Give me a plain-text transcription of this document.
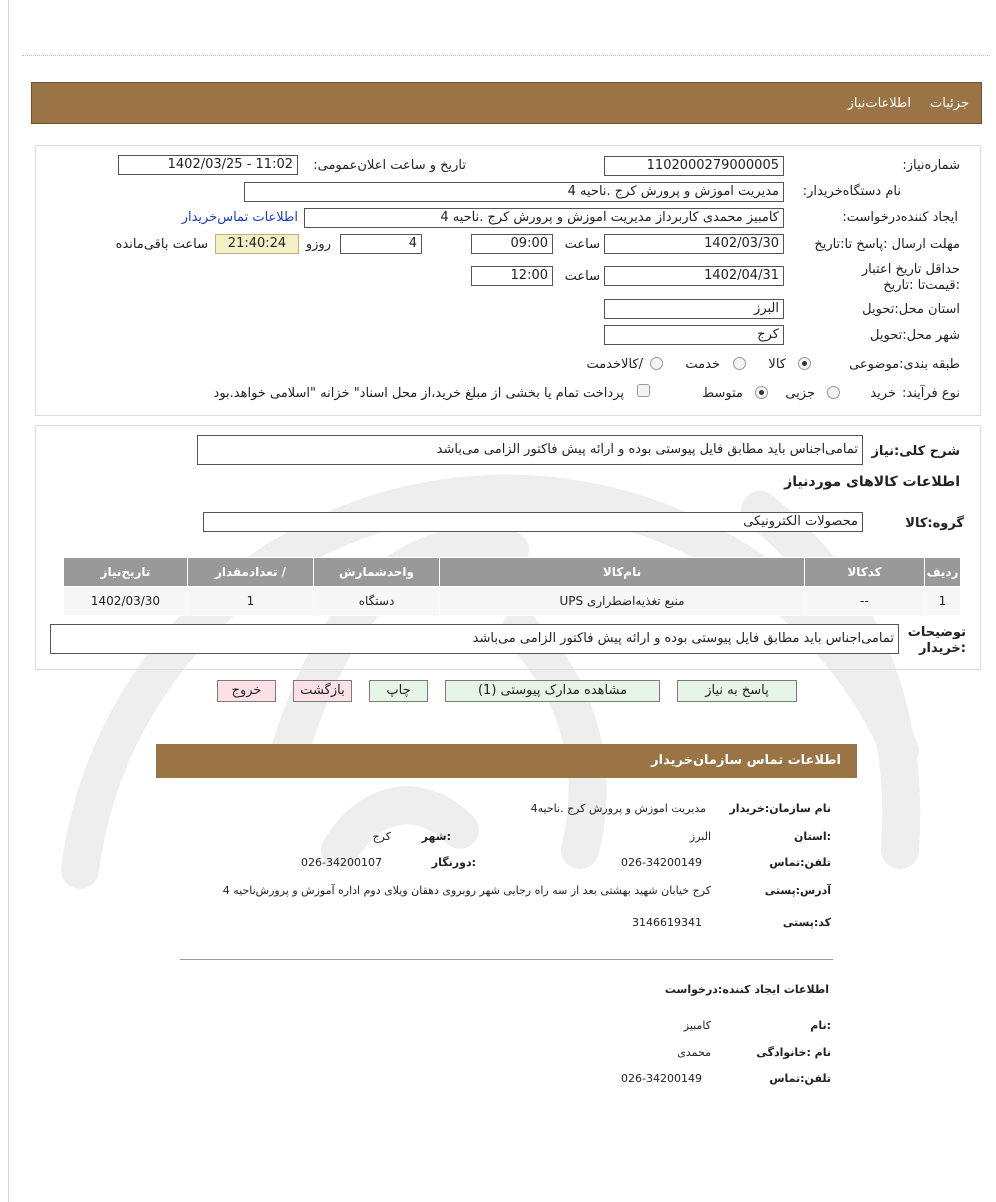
جزئیات
اطلاعات‌نیاز
شماره‌نیاز:
1102000279000005
تاریخ و ساعت اعلان‌عمومی:
1402/03/25 - 11:02
نام دستگاه‌خریدار:
مدیریت اموزش و پرورش کرج .ناحیه 4
ایجاد کننده‌درخواست:
کامبیز محمدی کاربرداز مدیریت اموزش و پرورش کرج .ناحیه 4
اطلاعات تماس‌خریدار
مهلت ارسال :پاسخ تا:تاریخ
1402/03/30
ساعت
09:00
4
روزو
21:40:24
ساعت باقی‌مانده
حداقل تاریخ اعتبار :قیمت‌تا :تاریخ
1402/04/31
ساعت
12:00
استان محل:تحویل
البرز
شهر محل:تحویل
کرج
طبقه بندی:موضوعی
کالا
خدمت
/کالاخدمت
نوع فرآیند:
خرید
جزیی
متوسط
پرداخت تمام یا بخشی از مبلغ خرید،از محل اسناد" خزانه "اسلامی خواهد.بود
شرح کلی:نیاز
تمامی‌اجناس باید مطابق فایل پیوستی بوده و ارائه پیش فاکتور الزامی می‌باشد
اطلاعات کالاهای موردنیاز
گروه:کالا
محصولات الکترونیکی
ردیف	کدکالا	نام‌کالا	واحدشمارش	/ تعدادمقدار	تاریخ‌نیاز
1	--	منبع تغذیه‌اضطراری UPS	دستگاه	1	1402/03/30
توضیحات :خریدار
تمامی‌اجناس باید مطابق فایل پیوستی بوده و ارائه پیش فاکتور الزامی می‌باشد
پاسخ به نیاز
مشاهده مدارک پیوستی (1)
چاپ
بازگشت
خروج
اطلاعات تماس سازمان‌خریدار
نام سازمان:خریدار
مدیریت اموزش و پرورش کرج .ناحیه4
:استان
البرز
:شهر
کرج
تلفن:تماس
026-34200149
:دورنگار
026-34200107
آدرس:پستی
کرج خیابان شهید بهشتی بعد از سه راه رجایی شهر روبروی دهقان ویلای دوم اداره آموزش و پرورش‌ناحیه 4
کد:پستی
3146619341
اطلاعات ایجاد کننده:درخواست
:نام
کامبیز
نام :خانوادگی
محمدی
تلفن:تماس
026-34200149
